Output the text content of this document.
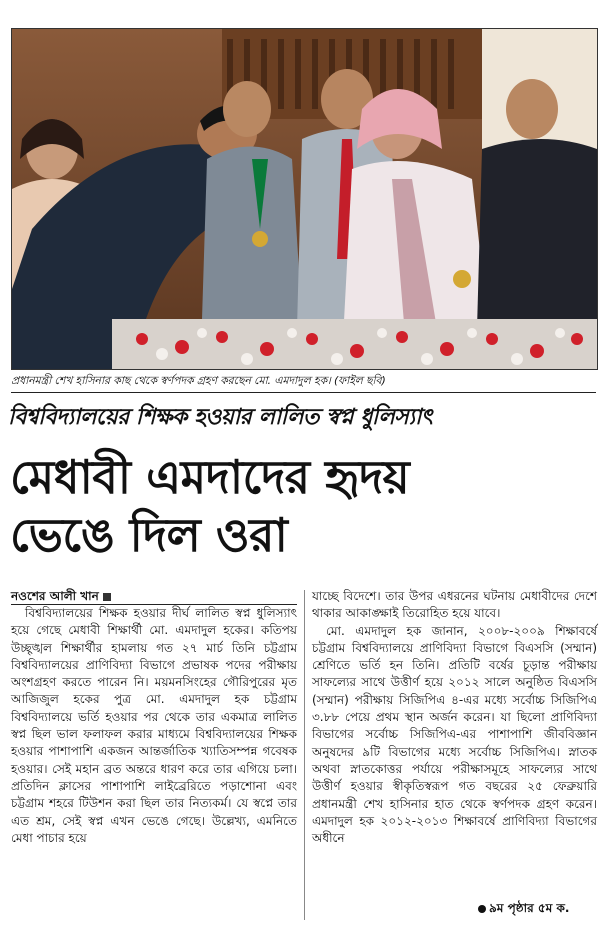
প্রধানমন্ত্রী শেখ হাসিনার কাছ থেকে স্বর্ণপদক গ্রহণ করছেন মো. এমদাদুল হক। (ফাইল ছবি)
বিশ্ববিদ্যালয়ের শিক্ষক হওয়ার লালিত স্বপ্ন ধুলিস্যাৎ
মেধাবী এমদাদের হৃদয়
ভেঙে দিল ওরা
নওশের আলী খান

বিশ্ববিদ্যালয়ের শিক্ষক হওয়ার দীর্ঘ লালিত স্বপ্ন ধুলিস্যাৎ হয়ে গেছে মেধাবী শিক্ষার্থী মো. এমদাদুল হকের। কতিপয় উচ্ছৃঙ্খল শিক্ষার্থীর হামলায় গত ২৭ মার্চ তিনি চট্টগ্রাম বিশ্ববিদ্যালয়ের প্রাণিবিদ্যা বিভাগে প্রভাষক পদের পরীক্ষায় অংশগ্রহণ করতে পারেন নি। ময়মনসিংহের গৌরিপুরের মৃত আজিজুল হকের পুত্র মো. এমদাদুল হক চট্টগ্রাম বিশ্ববিদ্যালয়ে ভর্তি হওয়ার পর থেকে তার একমাত্র লালিত স্বপ্ন ছিল ভাল ফলাফল করার মাধ্যমে বিশ্ববিদ্যালয়ের শিক্ষক হওয়ার পাশাপাশি একজন আন্তর্জাতিক খ্যাতিসম্পন্ন গবেষক হওয়ার। সেই মহান ব্রত অন্তরে ধারণ করে তার এগিয়ে চলা। প্রতিদিন ক্লাসের পাশাপাশি লাইব্রেরিতে পড়াশোনা এবং চট্টগ্রাম শহরে টিউশন করা ছিল তার নিত্যকর্ম। যে স্বপ্নে তার এত শ্রম, সেই স্বপ্ন এখন ভেঙে গেছে। উল্লেখ্য, এমনিতে মেধা পাচার হয়ে

যাচ্ছে বিদেশে। তার উপর এধরনের ঘটনায় মেধাবীদের দেশে থাকার আকাঙ্ক্ষাই তিরোহিত হয়ে যাবে।

মো. এমদাদুল হক জানান, ২০০৮-২০০৯ শিক্ষাবর্ষে চট্টগ্রাম বিশ্ববিদ্যালয়ে প্রাণিবিদ্যা বিভাগে বিএসসি (সম্মান) শ্রেণিতে ভর্তি হন তিনি। প্রতিটি বর্ষের চূড়ান্ত পরীক্ষায় সাফল্যের সাথে উত্তীর্ণ হয়ে ২০১২ সালে অনুষ্ঠিত বিএসসি (সম্মান) পরীক্ষায় সিজিপিএ ৪-এর মধ্যে সর্বোচ্চ সিজিপিএ ৩.৮৮ পেয়ে প্রথম স্থান অর্জন করেন। যা ছিলো প্রাণিবিদ্যা বিভাগের সর্বোচ্চ সিজিপিএ-এর পাশাপাশি জীববিজ্ঞান অনুষদের ৯টি বিভাগের মধ্যে সর্বোচ্চ সিজিপিএ। স্নাতক অথবা স্নাতকোত্তর পর্যায়ে পরীক্ষাসমূহে সাফল্যের সাথে উত্তীর্ণ হওয়ার স্বীকৃতিস্বরূপ গত বছরের ২৫ ফেব্রুয়ারি প্রধানমন্ত্রী শেখ হাসিনার হাত থেকে স্বর্ণপদক গ্রহণ করেন। এমদাদুল হক ২০১২-২০১৩ শিক্ষাবর্ষে প্রাণিবিদ্যা বিভাগের অধীনে

৯ম পৃষ্ঠার ৫ম ক.
